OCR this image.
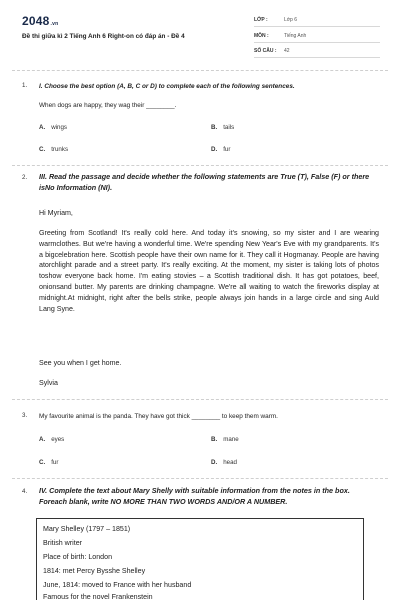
2048.vn
Đề thi giữa kì 2 Tiếng Anh 6 Right-on có đáp án - Đề 4
LỚP :	Lớp 6
MÔN :	Tiếng Anh
SỐ CÂU : 42
1. I. Choose the best option (A, B, C or D) to complete each of the following sentences.
When dogs are happy, they wag their ________.
A. wings	B. tails
C. trunks	D. fur
2. III. Read the passage and decide whether the following statements are True (T), False (F) or there isNo Information (NI).
Hi Myriam,
Greeting from Scotland! It's really cold here. And today it's snowing, so my sister and I are wearing warmclothes. But we're having a wonderful time. We're spending New Year's Eve with my grandparents. It's a bigcelebration here. Scottish people have their own name for it. They call it Hogmanay. People are having atorchlight parade and a street party. It's really exciting. At the moment, my sister is taking lots of photos toshow everyone back home. I'm eating stovies – a Scottish traditional dish. It has got potatoes, beef, onionsand butter. My parents are drinking champagne. We're all waiting to watch the fireworks display at midnight.At midnight, right after the bells strike, people always join hands in a large circle and sing Auld Lang Syne.
See you when I get home.
Sylvia
3. My favourite animal is the panda. They have got thick ________ to keep them warm.
A. eyes	B. mane
C. fur	D. head
4. IV. Complete the text about Mary Shelly with suitable information from the notes in the box. Foreach blank, write NO MORE THAN TWO WORDS AND/OR A NUMBER.
Mary Shelley (1797 – 1851)
British writer
Place of birth: London
1814: met Percy Bysshe Shelley
June, 1814: moved to France with her husband
Famous for the novel Frankenstein
